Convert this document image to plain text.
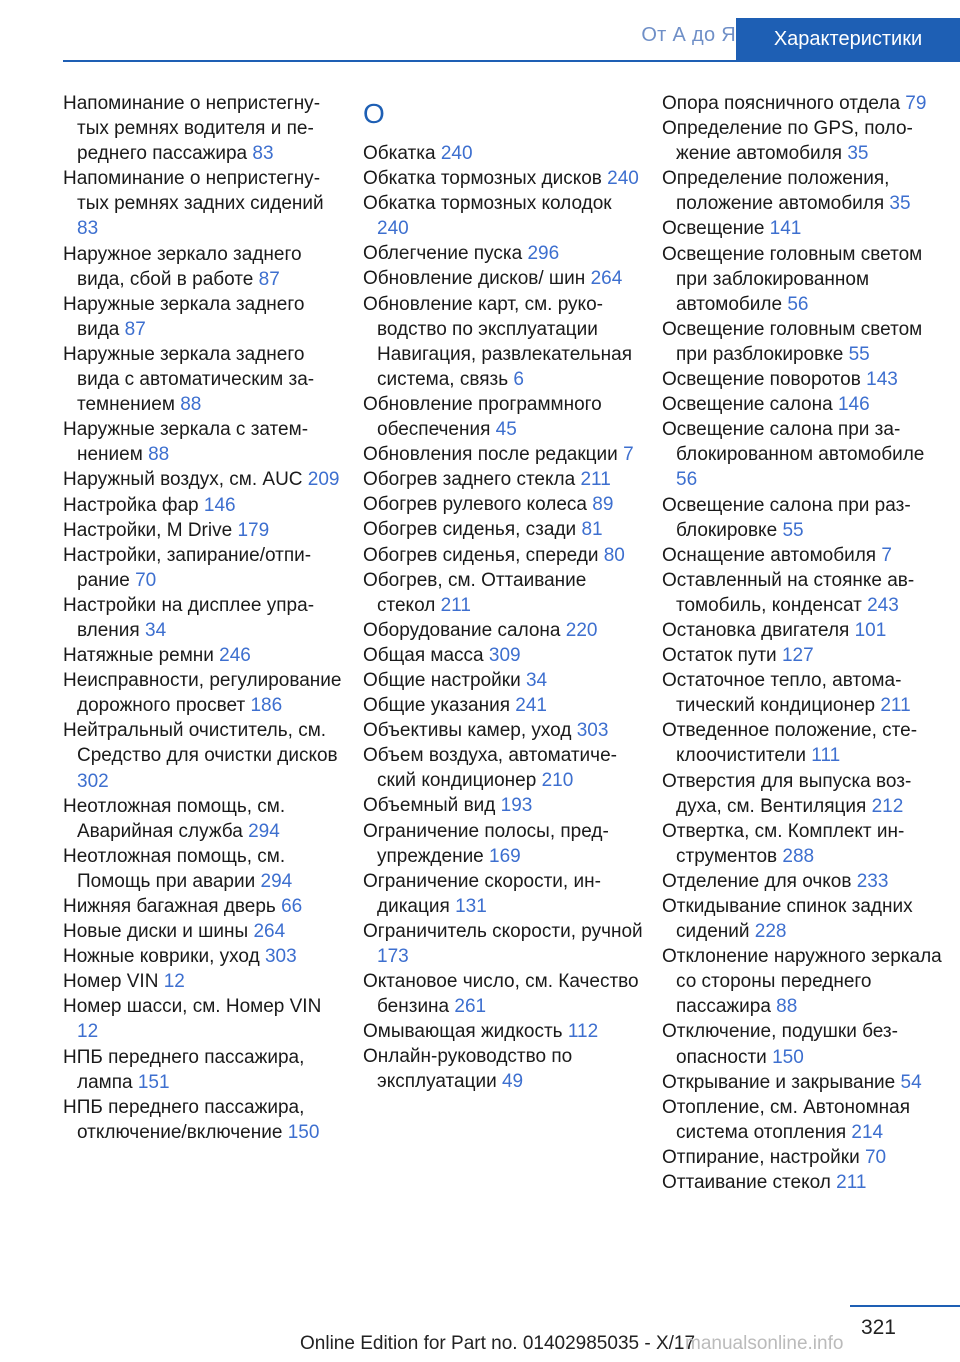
От А до Я	Характеристики
Напоминание о непристегнутых ремнях водителя и переднего пассажира 83
Напоминание о непристегнутых ремнях задних сидений 83
Наружное зеркало заднего вида, сбой в работе 87
Наружные зеркала заднего вида 87
Наружные зеркала заднего вида с автоматическим затемнением 88
Наружные зеркала с затемнением 88
Наружный воздух, см. AUC 209
Настройка фар 146
Настройки, M Drive 179
Настройки, запирание/отпирание 70
Настройки на дисплее управления 34
Натяжные ремни 246
Неисправности, регулирование дорожного просвет 186
Нейтральный очиститель, см. Средство для очистки дисков 302
Неотложная помощь, см. Аварийная служба 294
Неотложная помощь, см. Помощь при аварии 294
Нижняя багажная дверь 66
Новые диски и шины 264
Ножные коврики, уход 303
Номер VIN 12
Номер шасси, см. Номер VIN 12
НПБ переднего пассажира, лампа 151
НПБ переднего пассажира, отключение/включение 150
О
Обкатка 240
Обкатка тормозных дисков 240
Обкатка тормозных колодок 240
Облегчение пуска 296
Обновление дисков/ шин 264
Обновление карт, см. руководство по эксплуатации Навигация, развлекательная система, связь 6
Обновление программного обеспечения 45
Обновления после редакции 7
Обогрев заднего стекла 211
Обогрев рулевого колеса 89
Обогрев сиденья, сзади 81
Обогрев сиденья, спереди 80
Обогрев, см. Оттаивание стекол 211
Оборудование салона 220
Общая масса 309
Общие настройки 34
Общие указания 241
Объективы камер, уход 303
Объем воздуха, автоматический кондиционер 210
Объемный вид 193
Ограничение полосы, предупреждение 169
Ограничение скорости, индикация 131
Ограничитель скорости, ручной 173
Октановое число, см. Качество бензина 261
Омывающая жидкость 112
Онлайн-руководство по эксплуатации 49
Опора поясничного отдела 79
Определение по GPS, положение автомобиля 35
Определение положения, положение автомобиля 35
Освещение 141
Освещение головным светом при заблокированном автомобиле 56
Освещение головным светом при разблокировке 55
Освещение поворотов 143
Освещение салона 146
Освещение салона при заблокированном автомобиле 56
Освещение салона при разблокировке 55
Оснащение автомобиля 7
Оставленный на стоянке автомобиль, конденсат 243
Остановка двигателя 101
Остаток пути 127
Остаточное тепло, автоматический кондиционер 211
Отведенное положение, стеклоочистители 111
Отверстия для выпуска воздуха, см. Вентиляция 212
Отвертка, см. Комплект инструментов 288
Отделение для очков 233
Откидывание спинок задних сидений 228
Отклонение наружного зеркала со стороны переднего пассажира 88
Отключение, подушки безопасности 150
Открывание и закрывание 54
Отопление, см. Автономная система отопления 214
Отпирание, настройки 70
Оттаивание стекол 211
321
Online Edition for Part no. 01402985035 - X/17
manualsonline.info
